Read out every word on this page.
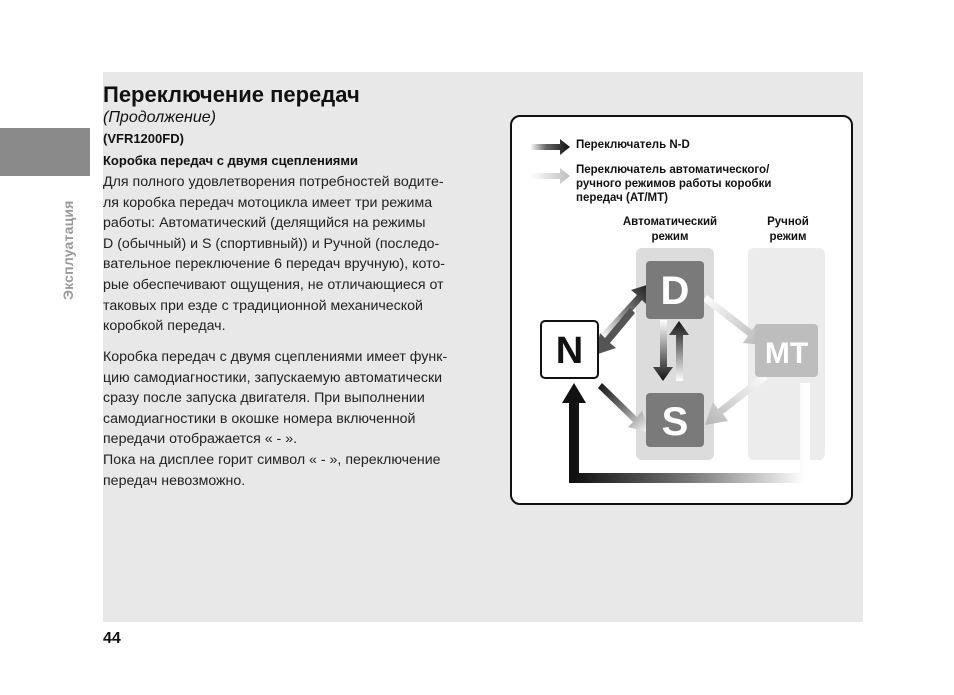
Эксплуатация
Переключение передач
(Продолжение)
(VFR1200FD)
Коробка передач с двумя сцеплениями
Для полного удовлетворения потребностей водите-
ля коробка передач мотоцикла имеет три режима
работы: Автоматический (делящийся на режимы
D (обычный) и S (спортивный)) и Ручной (последо-
вательное переключение 6 передач вручную), кото-
рые обеспечивают ощущения, не отличающиеся от
таковых при езде с традиционной механической
коробкой передач.
Коробка передач с двумя сцеплениями имеет функ-
цию самодиагностики, запускаемую автоматически
сразу после запуска двигателя. При выполнении
самодиагностики в окошке номера включенной
передачи отображается « - ».
Пока на дисплее горит символ « - », переключение
передач невозможно.
44
N
D
S
MT
Переключатель N-D
Переключатель автоматического/
ручного режимов работы коробки
передач (AT/MT)
Автоматический
режим
Ручной
режим
